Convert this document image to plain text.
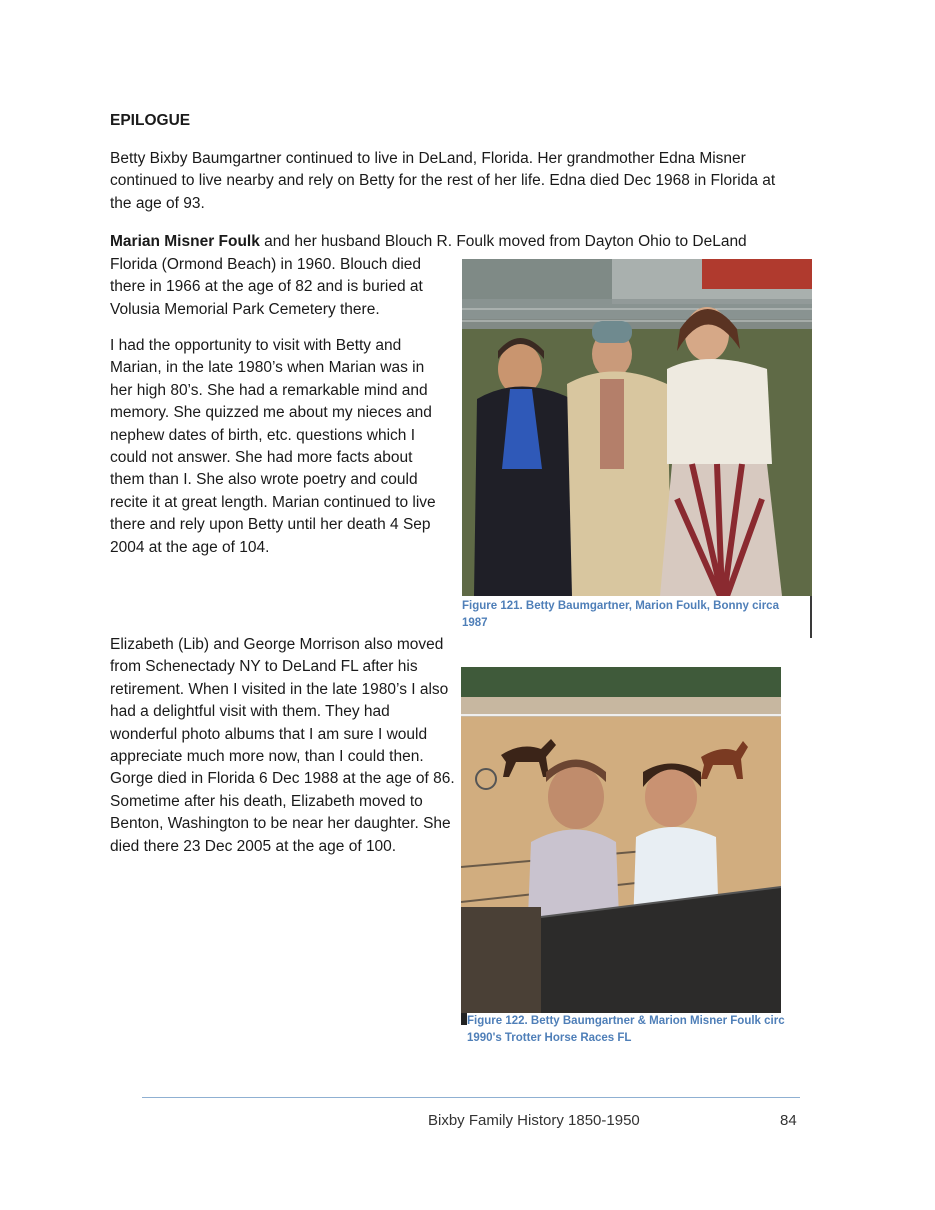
EPILOGUE

Betty Bixby Baumgartner continued to live in DeLand, Florida. Her grandmother Edna Misner continued to live nearby and rely on Betty for the rest of her life. Edna died Dec 1968 in Florida at the age of 93.

Marian Misner Foulk and her husband Blouch R. Foulk moved from Dayton Ohio to DeLand

Florida (Ormond Beach) in 1960. Blouch died there in 1966 at the age of 82 and is buried at Volusia Memorial Park Cemetery there.

I had the opportunity to visit with Betty and Marian, in the late 1980’s when Marian was in her high 80’s. She had a remarkable mind and memory. She quizzed me about my nieces and nephew dates of birth, etc. questions which I could not answer. She had more facts about them than I. She also wrote poetry and could recite it at great length. Marian continued to live there and rely upon Betty until her death 4 Sep 2004 at the age of 104.

Elizabeth (Lib) and George Morrison also moved from Schenectady NY to DeLand FL after his retirement. When I visited in the late 1980’s I also had a delightful visit with them. They had wonderful photo albums that I am sure I would appreciate much more now, than I could then. Gorge died in Florida 6 Dec 1988 at the age of 86. Sometime after his death, Elizabeth moved to Benton, Washington to be near her daughter. She died there 23 Dec 2005 at the age of 100.

Figure 121. Betty Baumgartner, Marion Foulk, Bonny circa 1987

Figure 122. Betty Baumgartner & Marion Misner Foulk circ 1990's Trotter Horse Races FL

Bixby Family History 1850-1950	84
